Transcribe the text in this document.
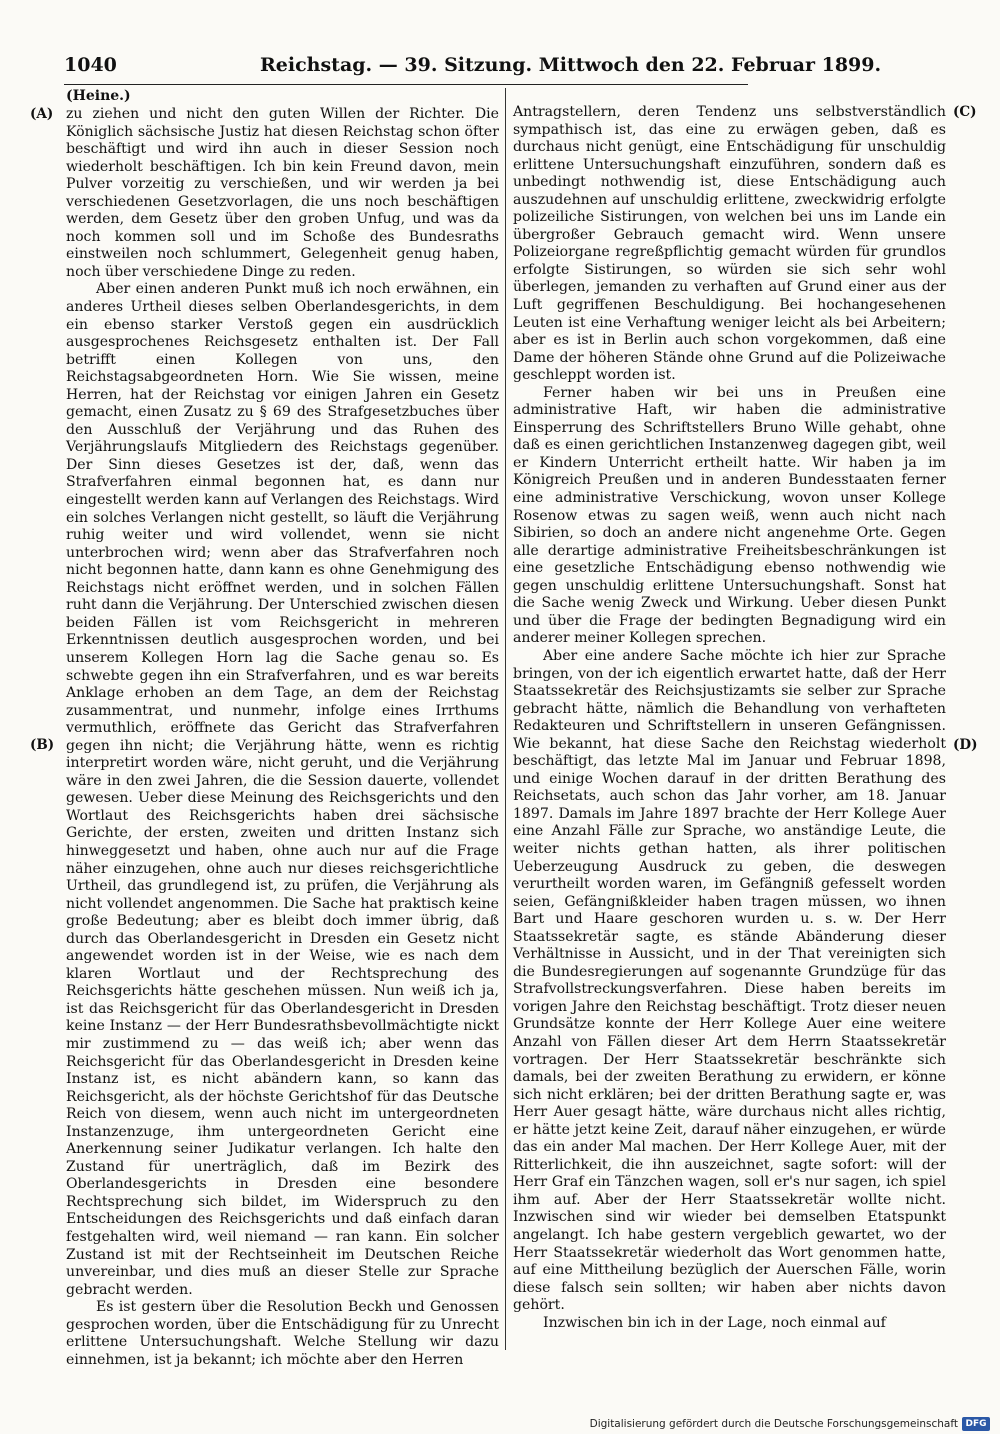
1040	Reichstag. — 39. Sitzung. Mittwoch den 22. Februar 1899.
(Heine.)
(A)
(B)
(C)
(D)

zu ziehen und nicht den guten Willen der Richter. Die Königlich sächsische Justiz hat diesen Reichstag schon öfter beschäftigt und wird ihn auch in dieser Session noch wiederholt beschäftigen. Ich bin kein Freund davon, mein Pulver vorzeitig zu verschießen, und wir werden ja bei verschiedenen Gesetzvorlagen, die uns noch beschäftigen werden, dem Gesetz über den groben Unfug, und was da noch kommen soll und im Schoße des Bundesraths einstweilen noch schlummert, Gelegenheit genug haben, noch über verschiedene Dinge zu reden.

Aber einen anderen Punkt muß ich noch erwähnen, ein anderes Urtheil dieses selben Oberlandesgerichts, in dem ein ebenso starker Verstoß gegen ein ausdrücklich ausgesprochenes Reichsgesetz enthalten ist. Der Fall betrifft einen Kollegen von uns, den Reichstagsabgeordneten Horn. Wie Sie wissen, meine Herren, hat der Reichstag vor einigen Jahren ein Gesetz gemacht, einen Zusatz zu § 69 des Strafgesetzbuches über den Ausschluß der Verjährung und das Ruhen des Verjährungslaufs Mitgliedern des Reichstags gegenüber. Der Sinn dieses Gesetzes ist der, daß, wenn das Strafverfahren einmal begonnen hat, es dann nur eingestellt werden kann auf Verlangen des Reichstags. Wird ein solches Verlangen nicht gestellt, so läuft die Verjährung ruhig weiter und wird vollendet, wenn sie nicht unterbrochen wird; wenn aber das Strafverfahren noch nicht begonnen hatte, dann kann es ohne Genehmigung des Reichstags nicht eröffnet werden, und in solchen Fällen ruht dann die Verjährung. Der Unterschied zwischen diesen beiden Fällen ist vom Reichsgericht in mehreren Erkenntnissen deutlich ausgesprochen worden, und bei unserem Kollegen Horn lag die Sache genau so. Es schwebte gegen ihn ein Strafverfahren, und es war bereits Anklage erhoben an dem Tage, an dem der Reichstag zusammentrat, und nunmehr, infolge eines Irrthums vermuthlich, eröffnete das Gericht das Strafverfahren gegen ihn nicht; die Verjährung hätte, wenn es richtig interpretirt worden wäre, nicht geruht, und die Verjährung wäre in den zwei Jahren, die die Session dauerte, vollendet gewesen. Ueber diese Meinung des Reichsgerichts und den Wortlaut des Reichsgerichts haben drei sächsische Gerichte, der ersten, zweiten und dritten Instanz sich hinweggesetzt und haben, ohne auch nur auf die Frage näher einzugehen, ohne auch nur dieses reichsgerichtliche Urtheil, das grundlegend ist, zu prüfen, die Verjährung als nicht vollendet angenommen. Die Sache hat praktisch keine große Bedeutung; aber es bleibt doch immer übrig, daß durch das Oberlandesgericht in Dresden ein Gesetz nicht angewendet worden ist in der Weise, wie es nach dem klaren Wortlaut und der Rechtsprechung des Reichsgerichts hätte geschehen müssen. Nun weiß ich ja, ist das Reichsgericht für das Oberlandesgericht in Dresden keine Instanz — der Herr Bundesrathsbevollmächtigte nickt mir zustimmend zu — das weiß ich; aber wenn das Reichsgericht für das Oberlandesgericht in Dresden keine Instanz ist, es nicht abändern kann, so kann das Reichsgericht, als der höchste Gerichtshof für das Deutsche Reich von diesem, wenn auch nicht im untergeordneten Instanzenzuge, ihm untergeordneten Gericht eine Anerkennung seiner Judikatur verlangen. Ich halte den Zustand für unerträglich, daß im Bezirk des Oberlandesgerichts in Dresden eine besondere Rechtsprechung sich bildet, im Widerspruch zu den Entscheidungen des Reichsgerichts und daß einfach daran festgehalten wird, weil niemand — ran kann. Ein solcher Zustand ist mit der Rechtseinheit im Deutschen Reiche unvereinbar, und dies muß an dieser Stelle zur Sprache gebracht werden.

Es ist gestern über die Resolution Beckh und Genossen gesprochen worden, über die Entschädigung für zu Unrecht erlittene Untersuchungshaft. Welche Stellung wir dazu einnehmen, ist ja bekannt; ich möchte aber den Herren

Antragstellern, deren Tendenz uns selbstverständlich sympathisch ist, das eine zu erwägen geben, daß es durchaus nicht genügt, eine Entschädigung für unschuldig erlittene Untersuchungshaft einzuführen, sondern daß es unbedingt nothwendig ist, diese Entschädigung auch auszudehnen auf unschuldig erlittene, zweckwidrig erfolgte polizeiliche Sistirungen, von welchen bei uns im Lande ein übergroßer Gebrauch gemacht wird. Wenn unsere Polizeiorgane regreßpflichtig gemacht würden für grundlos erfolgte Sistirungen, so würden sie sich sehr wohl überlegen, jemanden zu verhaften auf Grund einer aus der Luft gegriffenen Beschuldigung. Bei hochangesehenen Leuten ist eine Verhaftung weniger leicht als bei Arbeitern; aber es ist in Berlin auch schon vorgekommen, daß eine Dame der höheren Stände ohne Grund auf die Polizeiwache geschleppt worden ist.

Ferner haben wir bei uns in Preußen eine administrative Haft, wir haben die administrative Einsperrung des Schriftstellers Bruno Wille gehabt, ohne daß es einen gerichtlichen Instanzenweg dagegen gibt, weil er Kindern Unterricht ertheilt hatte. Wir haben ja im Königreich Preußen und in anderen Bundesstaaten ferner eine administrative Verschickung, wovon unser Kollege Rosenow etwas zu sagen weiß, wenn auch nicht nach Sibirien, so doch an andere nicht angenehme Orte. Gegen alle derartige administrative Freiheitsbeschränkungen ist eine gesetzliche Entschädigung ebenso nothwendig wie gegen unschuldig erlittene Untersuchungshaft. Sonst hat die Sache wenig Zweck und Wirkung. Ueber diesen Punkt und über die Frage der bedingten Begnadigung wird ein anderer meiner Kollegen sprechen.

Aber eine andere Sache möchte ich hier zur Sprache bringen, von der ich eigentlich erwartet hatte, daß der Herr Staatssekretär des Reichsjustizamts sie selber zur Sprache gebracht hätte, nämlich die Behandlung von verhafteten Redakteuren und Schriftstellern in unseren Gefängnissen. Wie bekannt, hat diese Sache den Reichstag wiederholt beschäftigt, das letzte Mal im Januar und Februar 1898, und einige Wochen darauf in der dritten Berathung des Reichsetats, auch schon das Jahr vorher, am 18. Januar 1897. Damals im Jahre 1897 brachte der Herr Kollege Auer eine Anzahl Fälle zur Sprache, wo anständige Leute, die weiter nichts gethan hatten, als ihrer politischen Ueberzeugung Ausdruck zu geben, die deswegen verurtheilt worden waren, im Gefängniß gefesselt worden seien, Gefängnißkleider haben tragen müssen, wo ihnen Bart und Haare geschoren wurden u. s. w. Der Herr Staatssekretär sagte, es stände Abänderung dieser Verhältnisse in Aussicht, und in der That vereinigten sich die Bundesregierungen auf sogenannte Grundzüge für das Strafvollstreckungsverfahren. Diese haben bereits im vorigen Jahre den Reichstag beschäftigt. Trotz dieser neuen Grundsätze konnte der Herr Kollege Auer eine weitere Anzahl von Fällen dieser Art dem Herrn Staatssekretär vortragen. Der Herr Staatssekretär beschränkte sich damals, bei der zweiten Berathung zu erwidern, er könne sich nicht erklären; bei der dritten Berathung sagte er, was Herr Auer gesagt hätte, wäre durchaus nicht alles richtig, er hätte jetzt keine Zeit, darauf näher einzugehen, er würde das ein ander Mal machen. Der Herr Kollege Auer, mit der Ritterlichkeit, die ihn auszeichnet, sagte sofort: will der Herr Graf ein Tänzchen wagen, soll er's nur sagen, ich spiel ihm auf. Aber der Herr Staatssekretär wollte nicht. Inzwischen sind wir wieder bei demselben Etatspunkt angelangt. Ich habe gestern vergeblich gewartet, wo der Herr Staatssekretär wiederholt das Wort genommen hatte, auf eine Mittheilung bezüglich der Auerschen Fälle, worin diese falsch sein sollten; wir haben aber nichts davon gehört.

Inzwischen bin ich in der Lage, noch einmal auf

Digitalisierung gefördert durch die Deutsche Forschungsgemeinschaft DFG
